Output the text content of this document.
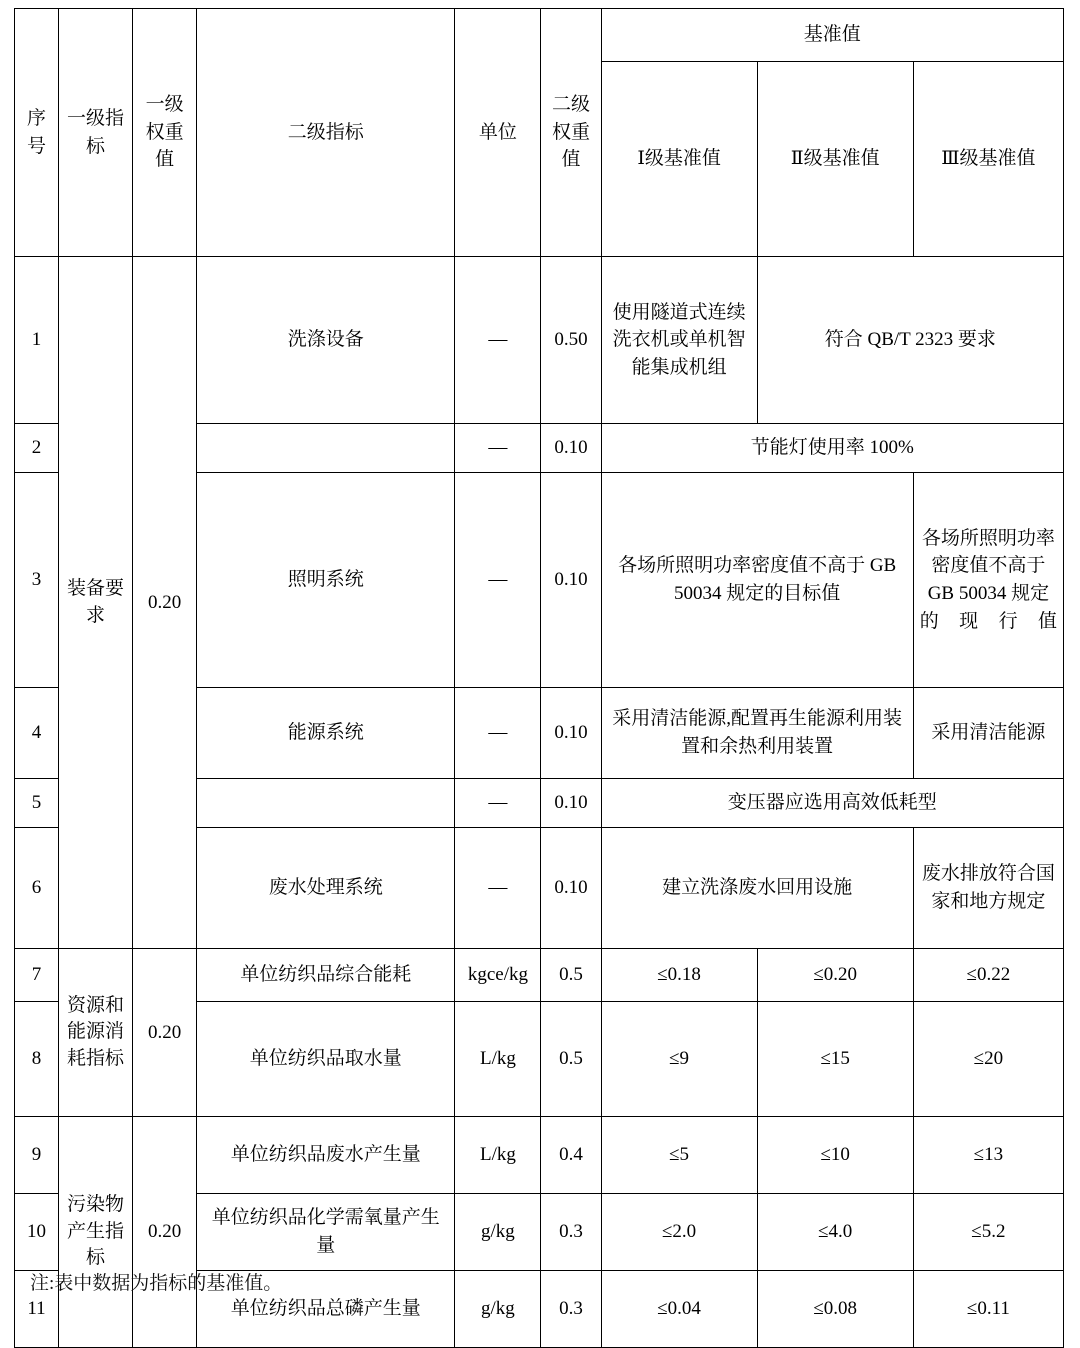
序号	一级指标	一级权重值	二级指标	单位	二级权重值	基准值		
						Ⅰ级基准值	Ⅱ级基准值	Ⅲ级基准值
1	装备要求	0.20	洗涤设备	—	0.50	使用隧道式连续洗衣机或单机智能集成机组	符合 QB/T 2323 要求	
2				—	0.10	节能灯使用率 100%		
3			照明系统	—	0.10	各场所照明功率密度值不高于 GB 50034 规定的目标值		各场所照明功率密度值不高于 GB 50034 规定的现行值
4			能源系统	—	0.10	采用清洁能源,配置再生能源利用装置和余热利用装置		采用清洁能源
5				—	0.10	变压器应选用高效低耗型		
6			废水处理系统	—	0.10	建立洗涤废水回用设施		废水排放符合国家和地方规定
7	资源和能源消耗指标	0.20	单位纺织品综合能耗	kgce/kg	0.5	≤0.18	≤0.20	≤0.22
8			单位纺织品取水量	L/kg	0.5	≤9	≤15	≤20
9	污染物产生指标	0.20	单位纺织品废水产生量	L/kg	0.4	≤5	≤10	≤13
10			单位纺织品化学需氧量产生量	g/kg	0.3	≤2.0	≤4.0	≤5.2
11			单位纺织品总磷产生量	g/kg	0.3	≤0.04	≤0.08	≤0.11
注:表中数据为指标的基准值。
